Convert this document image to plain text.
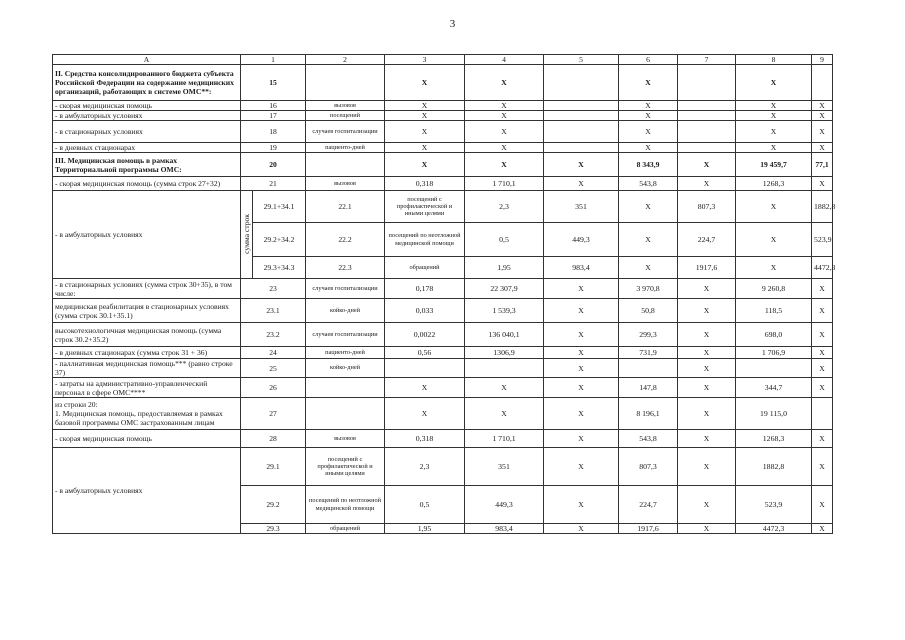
3
A	1		2	3	4	5	6	7	8	9	
II. Средства консолидированного бюджета субъекта Российской Федерации на содержание медицинских организаций, работающих в системе ОМС**:	15			Х	Х		Х		Х		
- скорая медицинская помощь	16		вызовов	Х	Х		Х		Х	Х	
- в амбулаторных условиях	17		посещений	Х	Х		Х		Х	Х	
- в стационарных условиях	18		случаев госпитализации	Х	Х		Х		Х	Х	
- в дневных стационарах	19		пациенто-дней	Х	Х		Х		Х	Х	
III. Медицинская помощь в рамках Территориальной программы ОМС:	20			Х	Х	Х	8 343,9	Х	19 459,7	77,1	
- скорая медицинская помощь (сумма строк 27+32)	21		вызовов	0,318	1 710,1	Х	543,8	Х	1268,3	Х	
- в амбулаторных условиях	сумма строк	29.1+34.1	22.1	посещений с профилактической и иными целями	2,3	351	Х	807,3	Х	1882,8	
		29.2+34.2	22.2	посещений по неотложной медицинской помощи	0,5	449,3	Х	224,7	Х	523,9	
		29.3+34.3	22.3	обращений	1,95	983,4	Х	1917,6	Х	4472,3	
- в стационарных условиях (сумма строк 30+35), в том числе:	23		случаев госпитализации	0,178	22 307,9	Х	3 970,8	Х	9 260,8	Х	
медицинская реабилитация в стационарных условиях (сумма строк 30.1+35.1)	23.1		койко-дней	0,033	1 539,3	Х	50,8	Х	118,5	Х	
высокотехнологичная медицинская помощь (сумма строк 30.2+35.2)	23.2		случаев госпитализации	0,0022	136 040,1	Х	299,3	Х	698,0	Х	
- в дневных стационарах (сумма строк 31 + 36)	24		пациенто-дней	0,56	1306,9	Х	731,9	Х	1 706,9	Х	
- паллиативная медицинская помощь*** (равно строке 37)	25		койко-дней			Х		Х		Х	
- затраты на административно-управленческий персонал в сфере ОМС****	26			Х	Х	Х	147,8	Х	344,7	Х	
из строки 20:
1. Медицинская помощь, предоставляемая в рамках базовой программы ОМС застрахованным лицам	27			Х	Х	Х	8 196,1	Х	19 115,0		
- скорая медицинская помощь	28		вызовов	0,318	1 710,1	Х	543,8	Х	1268,3	Х	
- в амбулаторных условиях	29.1		посещений с профилактической и иными целями	2,3	351	Х	807,3	Х	1882,8	Х	
	29.2		посещений по неотложной медицинской помощи	0,5	449,3	Х	224,7	Х	523,9	Х	
	29.3		обращений	1,95	983,4	Х	1917,6	Х	4472,3	Х	
